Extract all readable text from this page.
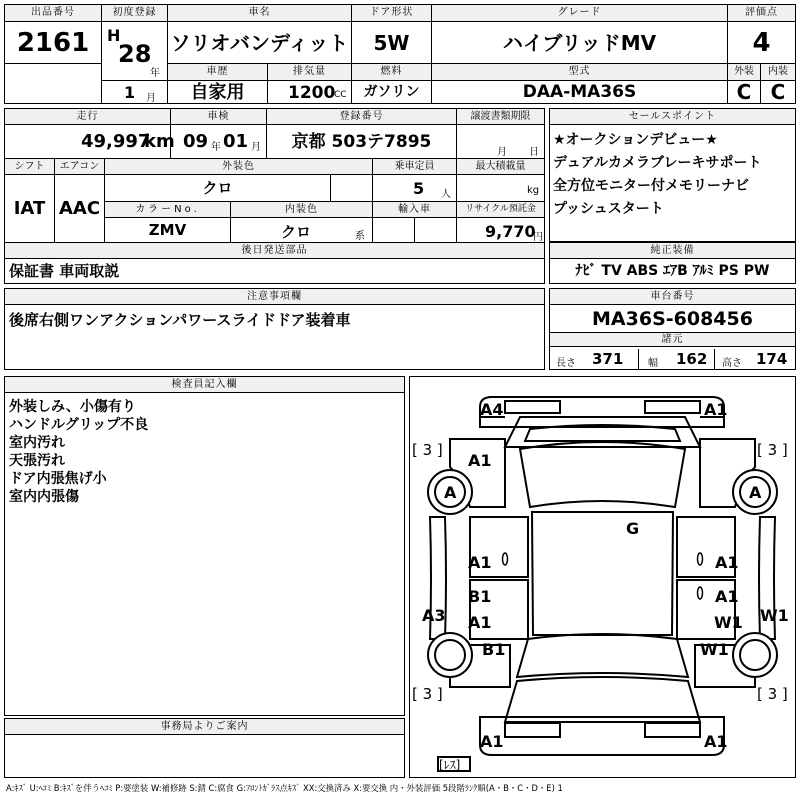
出品番号
2161
初度登録
H
28
年
1 月
車名
ソリオバンディット
ドア形状
5W
グレード
ハイブリッドMV
評価点
4
車歴
自家用
排気量
1200
CC
燃料
ガソリン
型式
DAA-MA36S
外装
C
内装
C
走行
49,997
km
車検
09 年 01 月
登録番号
京都 503テ7895
譲渡書類期限
月 日
シフト
IAT
エアコン
AAC
外装色
クロ
乗車定員
5 人
最大積載量
kg
カラーNo.
ZMV
内装色
クロ	系
輸入車	リサイクル預託金
9,770
円
後日発送部品
保証書 車両取説
セールスポイント
★オークションデビュー★
デュアルカメラブレーキサポート
全方位モニター付メモリーナビ
プッシュスタート
純正装備
ﾅﾋﾞ TV ABS ｴｱB ｱﾙﾐ PS PW
注意事項欄
後席右側ワンアクションパワースライドドア装着車
車台番号
MA36S-608456
諸元
長さ 371 幅 162 高さ 174
検査員記入欄
外装しみ、小傷有り
ハンドルグリップ不良
室内汚れ
天張汚れ
ドア内張焦げ小
室内内張傷
事務局よりご案内
A4	A1
[ 3 ]	[ 3 ]
A1
A	A
G
A1	A1
B1	A1
A3	W1
A1	W1
B1	W1
[ 3 ]	[ 3 ]
A1	A1
[ﾚｽ]
A:ｷｽﾞ U:ﾍｺﾐ B:ｷｽﾞを伴うﾍｺﾐ P:要塗装 W:補修跡 S:錆 C:腐食 G:ﾌﾛﾝﾄｶﾞﾗｽ点ｷｽﾞ XX:交換済み X:要交換 内・外装評価 5段階ﾗﾝｸ順(A・B・C・D・E) 1
